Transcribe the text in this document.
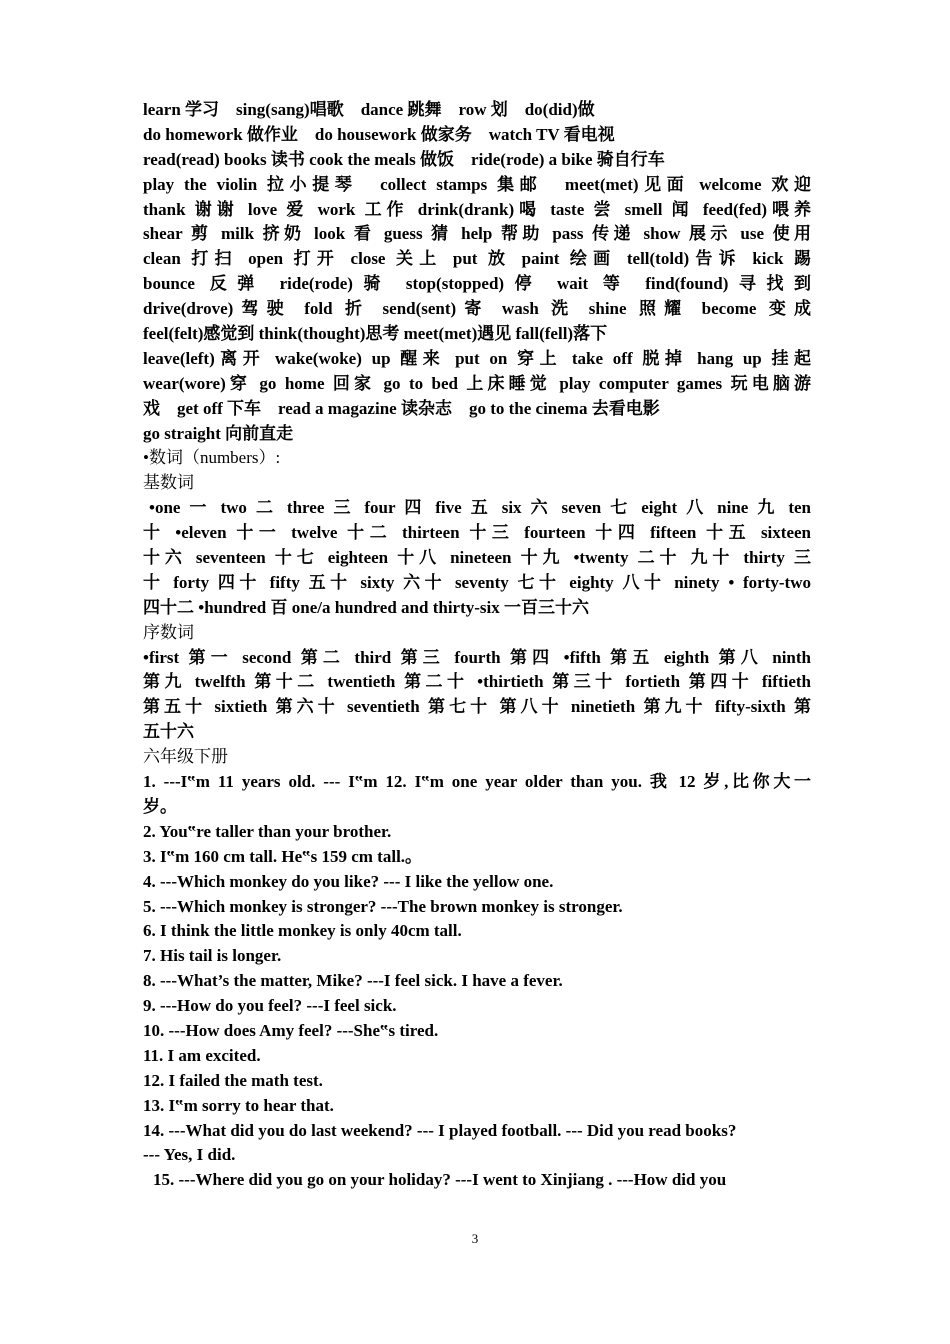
learn 学习　sing(sang)唱歌　dance 跳舞　row 划　do(did)做
do homework 做作业　do housework 做家务　watch TV 看电视
read(read) books 读书 cook the meals 做饭　ride(rode) a bike 骑自行车
play the violin 拉小提琴　collect stamps 集邮　meet(met)见面 welcome 欢迎
thank 谢谢 love 爱 work 工作 drink(drank)喝 taste 尝 smell 闻 feed(fed)喂养
shear 剪 milk 挤奶 look 看 guess 猜 help 帮助 pass 传递 show 展示 use 使用
clean 打扫 open 打开 close 关上 put 放 paint 绘画 tell(told)告诉 kick 踢
bounce 反弹 ride(rode)骑 stop(stopped)停 wait 等 find(found)寻找到
drive(drove)驾驶 fold 折 send(sent)寄 wash 洗 shine 照耀 become 变成
feel(felt)感觉到 think(thought)思考 meet(met)遇见 fall(fell)落下
leave(left)离开 wake(woke) up 醒来 put on 穿上 take off 脱掉 hang up 挂起
wear(wore)穿 go home 回家 go to bed 上床睡觉 play computer games 玩电脑游
戏　get off 下车　read a magazine 读杂志　go to the cinema 去看电影
go straight 向前直走
•数词（numbers）:
基数词
•one 一 two 二 three 三 four 四 five 五 six 六 seven 七 eight 八 nine 九 ten
十 •eleven 十一 twelve 十二 thirteen 十三 fourteen 十四 fifteen 十五 sixteen
十六 seventeen 十七 eighteen 十八 nineteen 十九 •twenty 二十 九十 thirty 三
十 forty 四十 fifty 五十 sixty 六十 seventy 七十 eighty 八十 ninety • forty-two
四十二 •hundred 百 one/a hundred and thirty-six 一百三十六
序数词
•first 第一 second 第二 third 第三 fourth 第四 •fifth 第五 eighth 第八 ninth
第九 twelfth 第十二 twentieth 第二十 •thirtieth 第三十 fortieth 第四十 fiftieth
第五十 sixtieth 第六十 seventieth 第七十 第八十 ninetieth 第九十 fifty-sixth 第
五十六
六年级下册
1. ---I‟m 11 years old. --- I‟m 12. I‟m one year older than you. 我 12 岁,比你大一
岁。
2. You‟re taller than your brother.
3. I‟m 160 cm tall. He‟s 159 cm tall.。
4. ---Which monkey do you like? --- I like the yellow one.
5. ---Which monkey is stronger? ---The brown monkey is stronger.
6. I think the little monkey is only 40cm tall.
7. His tail is longer.
8. ---What’s the matter, Mike? ---I feel sick. I have a fever.
9. ---How do you feel? ---I feel sick.
10. ---How does Amy feel? ---She‟s tired.
11. I am excited.
12. I failed the math test.
13. I‟m sorry to hear that.
14. ---What did you do last weekend? --- I played football. --- Did you read books?
--- Yes, I did.
15. ---Where did you go on your holiday? ---I went to Xinjiang . ---How did you
3
